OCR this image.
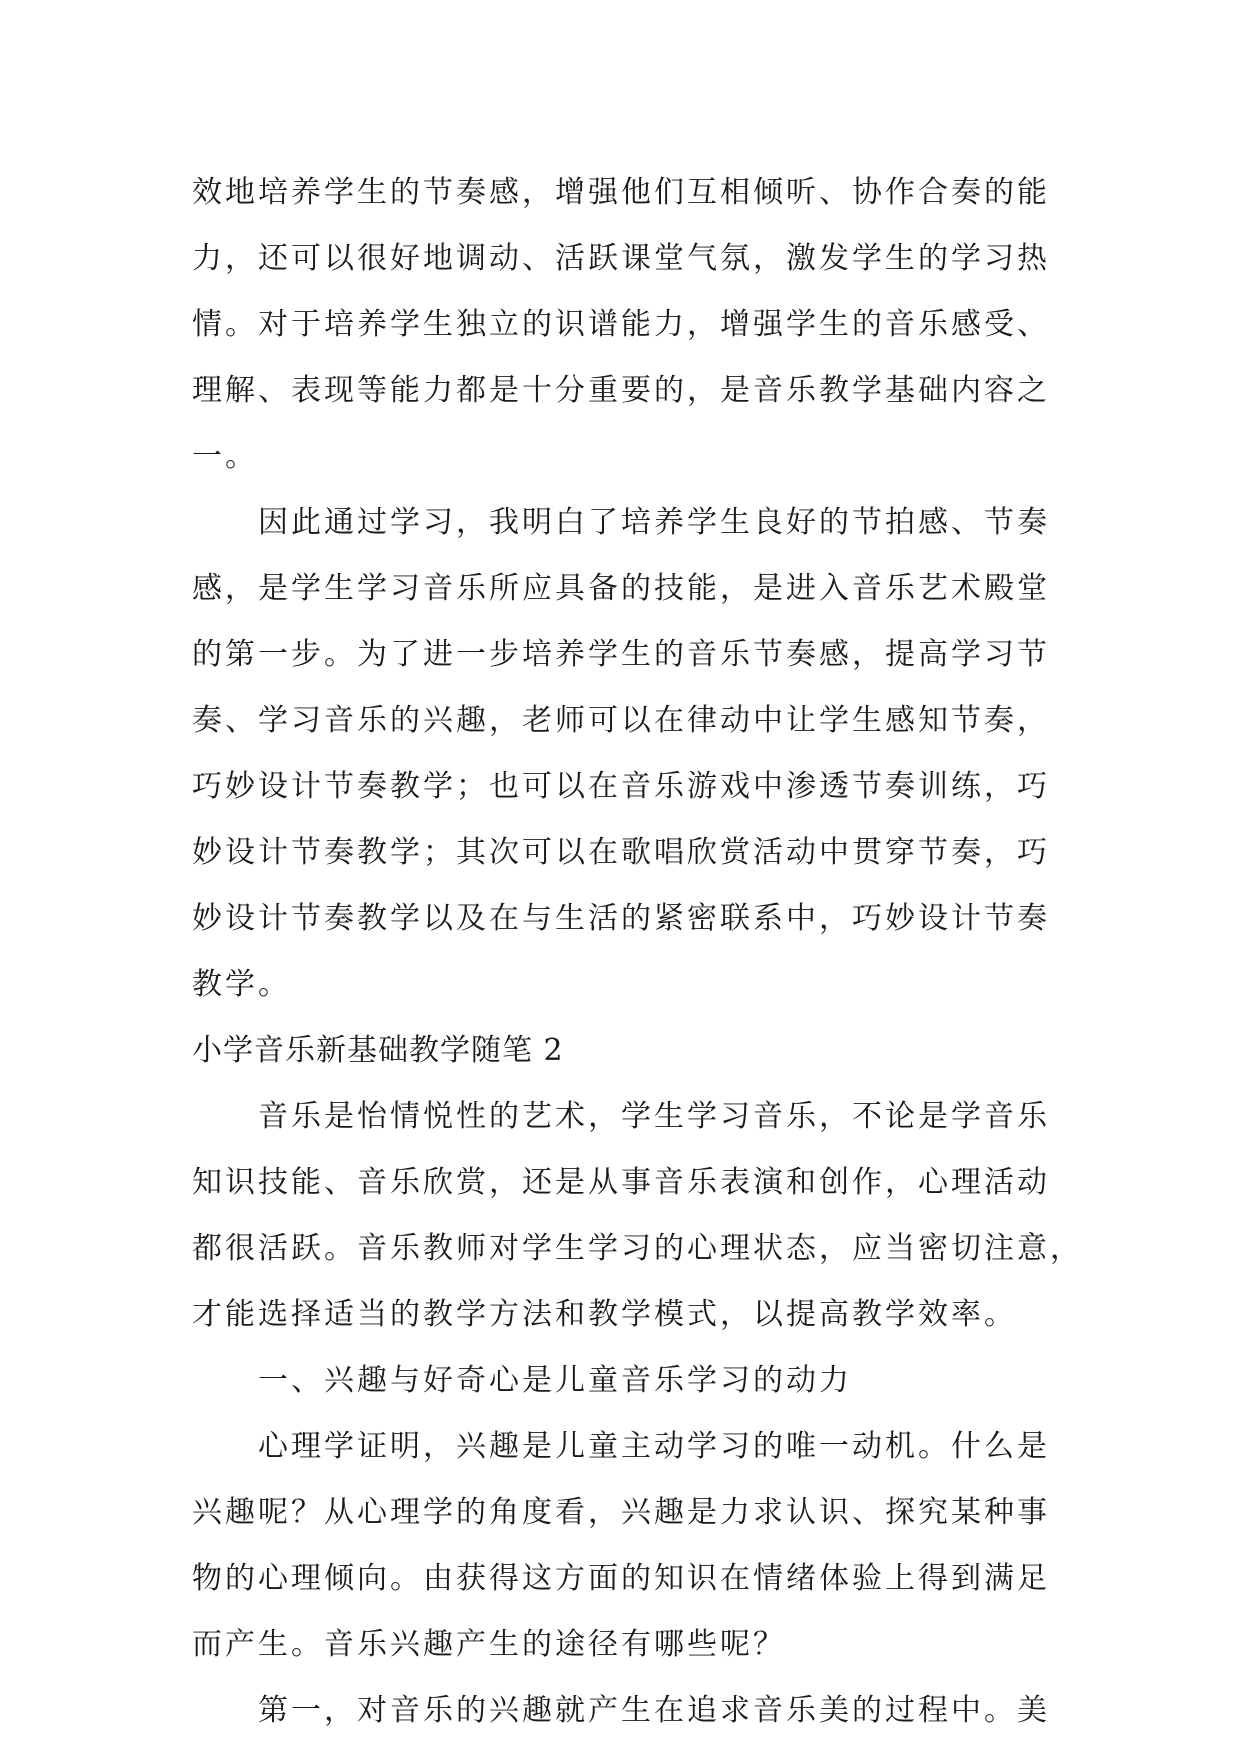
效地培养学生的节奏感，增强他们互相倾听、协作合奏的能
力，还可以很好地调动、活跃课堂气氛，激发学生的学习热
情。对于培养学生独立的识谱能力，增强学生的音乐感受、
理解、表现等能力都是十分重要的，是音乐教学基础内容之
一。
　　因此通过学习，我明白了培养学生良好的节拍感、节奏
感，是学生学习音乐所应具备的技能，是进入音乐艺术殿堂
的第一步。为了进一步培养学生的音乐节奏感，提高学习节
奏、学习音乐的兴趣，老师可以在律动中让学生感知节奏，
巧妙设计节奏教学；也可以在音乐游戏中渗透节奏训练，巧
妙设计节奏教学；其次可以在歌唱欣赏活动中贯穿节奏，巧
妙设计节奏教学以及在与生活的紧密联系中，巧妙设计节奏
教学。
小学音乐新基础教学随笔 2
　　音乐是怡情悦性的艺术，学生学习音乐，不论是学音乐
知识技能、音乐欣赏，还是从事音乐表演和创作，心理活动
都很活跃。音乐教师对学生学习的心理状态，应当密切注意，
才能选择适当的教学方法和教学模式，以提高教学效率。
　　一、兴趣与好奇心是儿童音乐学习的动力
　　心理学证明，兴趣是儿童主动学习的唯一动机。什么是
兴趣呢？从心理学的角度看，兴趣是力求认识、探究某种事
物的心理倾向。由获得这方面的知识在情绪体验上得到满足
而产生。音乐兴趣产生的途径有哪些呢？
　　第一，对音乐的兴趣就产生在追求音乐美的过程中。美
